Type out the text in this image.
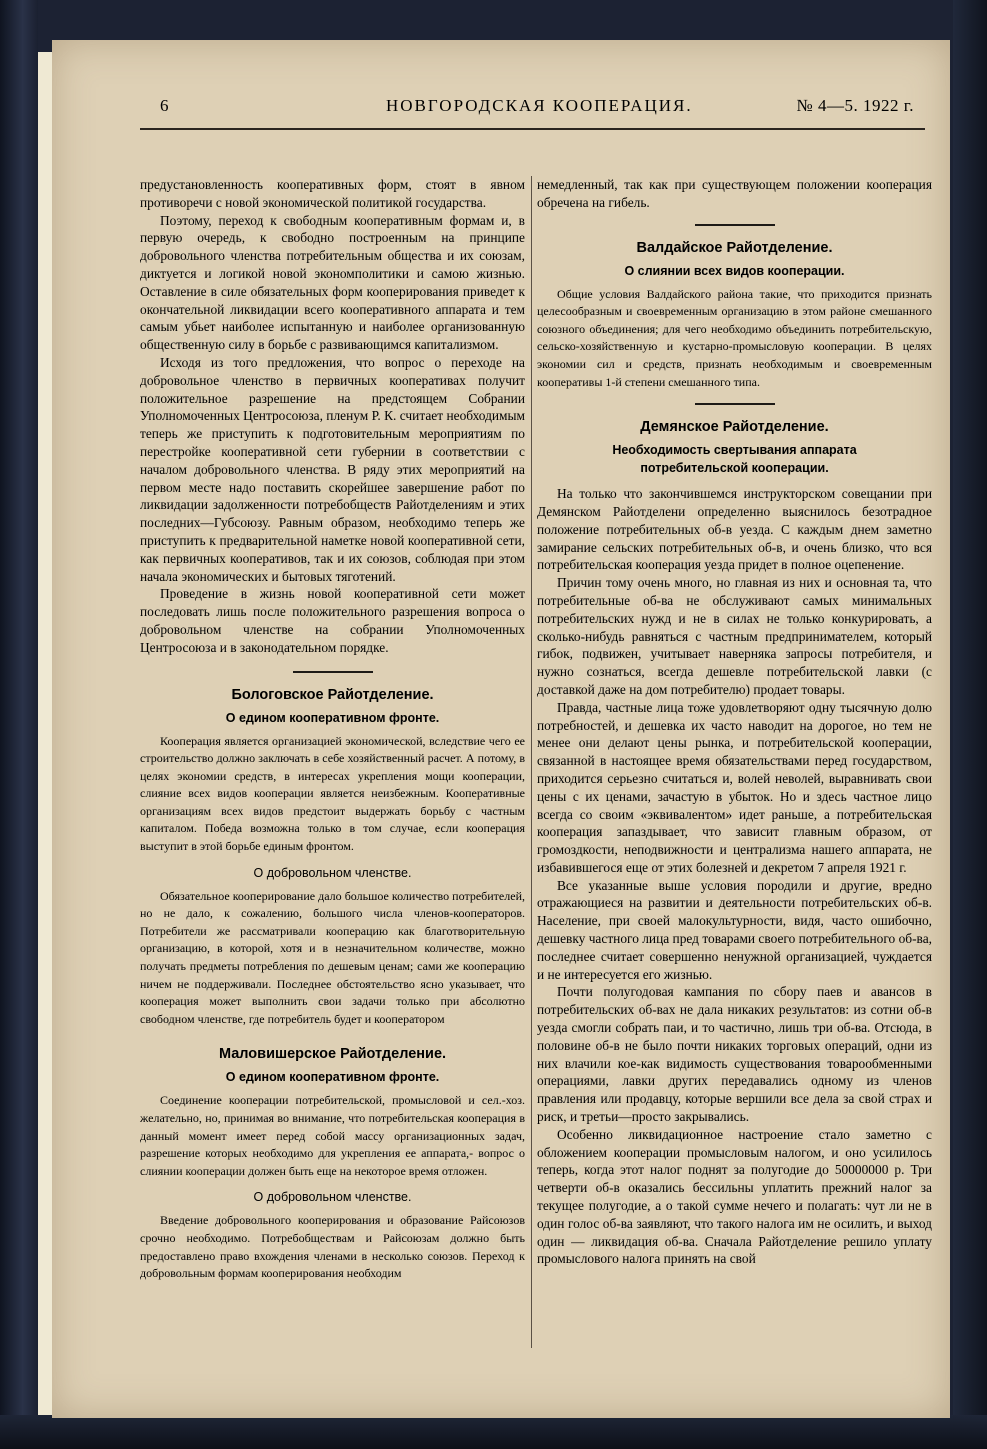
6	НОВГОРОДСКАЯ КООПЕРАЦИЯ.	№ 4—5. 1922 г.

предустановленность кооперативных форм, стоят в явном противоречи с новой экономической политикой государства.

Поэтому, переход к свободным кооперативным формам и, в первую очередь, к свободно построенным на принципе добровольного членства потребительным общества и их союзам, диктуется и логикой новой экономполитики и самою жизнью. Оставление в силе обязательных форм кооперирования приведет к окончательной ликвидации всего кооперативного аппарата и тем самым убьет наиболее испытанную и наиболее организованную общественную силу в борьбе с развивающимся капитализмом.

Исходя из того предложения, что вопрос о переходе на добровольное членство в первичных кооперативах получит положительное разрешение на предстоящем Собрании Уполномоченных Центросоюза, пленум Р. К. считает необходимым теперь же приступить к подготовительным мероприятиям по перестройке кооперативной сети губернии в соответствии с началом добровольного членства. В ряду этих мероприятий на первом месте надо поставить скорейшее завершение работ по ликвидации задолженности потребобществ Райотделениям и этих последних—Губсоюзу. Равным образом, необходимо теперь же приступить к предварительной наметке новой кооперативной сети, как первичных кооперативов, так и их союзов, соблюдая при этом начала экономических и бытовых тяготений.

Проведение в жизнь новой кооперативной сети может последовать лишь после положительного разрешения вопроса о добровольном членстве на собрании Уполномоченных Центросоюза и в законодательном порядке.

Бологовское Райотделение.
О едином кооперативном фронте.

Кооперация является организацией экономической, вследствие чего ее строительство должно заключать в себе хозяйственный расчет. А потому, в целях экономии средств, в интересах укрепления мощи кооперации, слияние всех видов кооперации является неизбежным. Кооперативные организациям всех видов предстоит выдержать борьбу с частным капиталом. Победа возможна только в том случае, если кооперация выступит в этой борьбе единым фронтом.

О добровольном членстве.

Обязательное кооперирование дало большое количество потребителей, но не дало, к сожалению, большого числа членов-кооператоров. Потребители же рассматривали кооперацию как благотворительную организацию, в которой, хотя и в незначительном количестве, можно получать предметы потребления по дешевым ценам; сами же кооперацию ничем не поддерживали. Последнее обстоятельство ясно указывает, что кооперация может выполнить свои задачи только при абсолютно свободном членстве, где потребитель будет и кооператором

Маловишерское Райотделение.
О едином кооперативном фронте.

Соединение кооперации потребительской, промысловой и сел.-хоз. желательно, но, принимая во внимание, что потребительская кооперация в данный момент имеет перед собой массу организационных задач, разрешение которых необходимо для укрепления ее аппарата,- вопрос о слиянии кооперации должен быть еще на некоторое время отложен.

О добровольном членстве.

Введение добровольного кооперирования и образование Райсоюзов срочно необходимо. Потребобществам и Райсоюзам должно быть предоставлено право вхождения членами в несколько союзов. Переход к добровольным формам кооперирования необходим

немедленный, так как при существующем положении кооперация обречена на гибель.

Валдайское Райотделение.
О слиянии всех видов кооперации.

Общие условия Валдайского района такие, что приходится признать целесообразным и своевременным организацию в этом районе смешанного союзного объединения; для чего необходимо объединить потребительскую, сельско-хозяйственную и кустарно-промысловую кооперации. В целях экономии сил и средств, признать необходимым и своевременным кооперативы 1-й степени смешанного типа.

Демянское Райотделение.
Необходимость свертывания аппарата потребительской кооперации.

На только что закончившемся инструкторском совещании при Демянском Райотделени определенно выяснилось безотрадное положение потребительных об-в уезда. С каждым днем заметно замирание сельских потребительных об-в, и очень близко, что вся потребительская кооперация уезда придет в полное оцепенение.

Причин тому очень много, но главная из них и основная та, что потребительные об-ва не обслуживают самых минимальных потребительских нужд и не в силах не только конкурировать, а сколько-нибудь равняться с частным предпринимателем, который гибок, подвижен, учитывает наверняка запросы потребителя, и нужно сознаться, всегда дешевле потребительской лавки (с доставкой даже на дом потребителю) продает товары.

Правда, частные лица тоже удовлетворяют одну тысячную долю потребностей, и дешевка их часто наводит на дорогое, но тем не менее они делают цены рынка, и потребительской кооперации, связанной в настоящее время обязательствами перед государством, приходится серьезно считаться и, волей неволей, выравнивать свои цены с их ценами, зачастую в убыток. Но и здесь частное лицо всегда со своим «эквивалентом» идет раньше, а потребительская кооперация запаздывает, что зависит главным образом, от громоздкости, неподвижности и централизма нашего аппарата, не избавившегося еще от этих болезней и декретом 7 апреля 1921 г.

Все указанные выше условия породили и другие, вредно отражающиеся на развитии и деятельности потребительских об-в. Население, при своей малокультурности, видя, часто ошибочно, дешевку частного лица пред товарами своего потребительного об-ва, последнее считает совершенно ненужной организацией, чуждается и не интересуется его жизнью.

Почти полугодовая кампания по сбору паев и авансов в потребительских об-вах не дала никаких результатов: из сотни об-в уезда смогли собрать паи, и то частично, лишь три об-ва. Отсюда, в половине об-в не было почти никаких торговых операций, одни из них влачили кое-как видимость существования товарообменными операциями, лавки других передавались одному из членов правления или продавцу, которые вершили все дела за свой страх и риск, и третьи—просто закрывались.

Особенно ликвидационное настроение стало заметно с обложением кооперации промысловым налогом, и оно усилилось теперь, когда этот налог поднят за полугодие до 50000000 р. Три четверти об-в оказались бессильны уплатить прежний налог за текущее полугодие, а о такой сумме нечего и полагать: чут ли не в один голос об-ва заявляют, что такого налога им не осилить, и выход один — ликвидация об-ва. Сначала Райотделение решило уплату промыслового налога принять на свой
